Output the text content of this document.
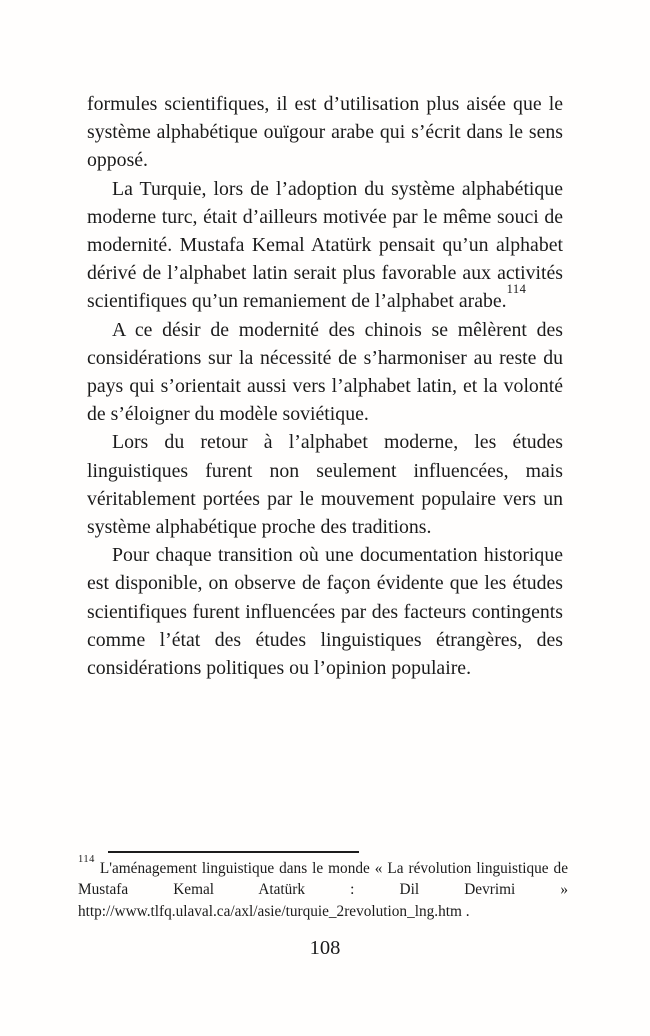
formules scientifiques, il est d’utilisation plus aisée que le système alphabétique ouïgour arabe qui s’écrit dans le sens opposé.

La Turquie, lors de l’adoption du système alphabétique moderne turc, était d’ailleurs motivée par le même souci de modernité. Mustafa Kemal Atatürk pensait qu’un alphabet dérivé de l’alphabet latin serait plus favorable aux activités scientifiques qu’un remaniement de l’alphabet arabe.$^{114}$

A ce désir de modernité des chinois se mêlèrent des considérations sur la nécessité de s’harmoniser au reste du pays qui s’orientait aussi vers l’alphabet latin, et la volonté de s’éloigner du modèle soviétique.

Lors du retour à l’alphabet moderne, les études linguistiques furent non seulement influencées, mais véritablement portées par le mouvement populaire vers un système alphabétique proche des traditions.

Pour chaque transition où une documentation historique est disponible, on observe de façon évidente que les études scientifiques furent influencées par des facteurs contingents comme l’état des études linguistiques étrangères, des considérations politiques ou l’opinion populaire.

$^{114}$L'aménagement linguistique dans le monde « La révolution linguistique de
Mustafa Kemal Atatürk : Dil Devrimi »
http://www.tlfq.ulaval.ca/axl/asie/turquie_2revolution_lng.htm .
108
